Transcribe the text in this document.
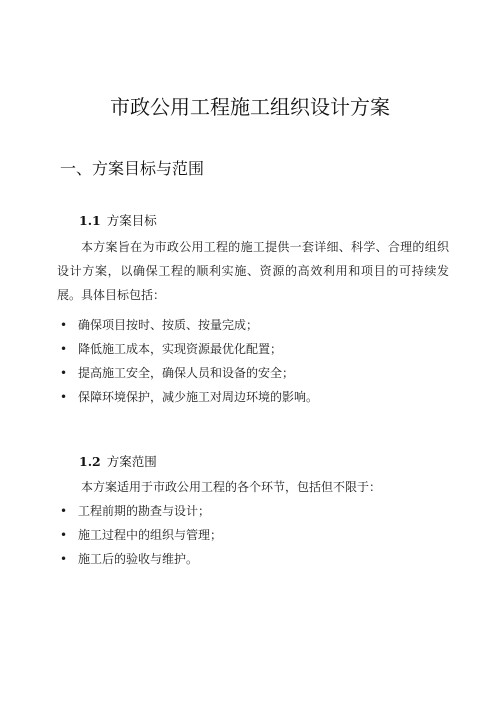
市政公用工程施工组织设计方案
一、方案目标与范围
1.1 方案目标
本方案旨在为市政公用工程的施工提供一套详细、科学、合理的组织设计方案，以确保工程的顺利实施、资源的高效利用和项目的可持续发展。具体目标包括：
• 确保项目按时、按质、按量完成；
• 降低施工成本，实现资源最优化配置；
• 提高施工安全，确保人员和设备的安全；
• 保障环境保护，减少施工对周边环境的影响。
1.2 方案范围
本方案适用于市政公用工程的各个环节，包括但不限于：
• 工程前期的勘查与设计；
• 施工过程中的组织与管理；
• 施工后的验收与维护。
